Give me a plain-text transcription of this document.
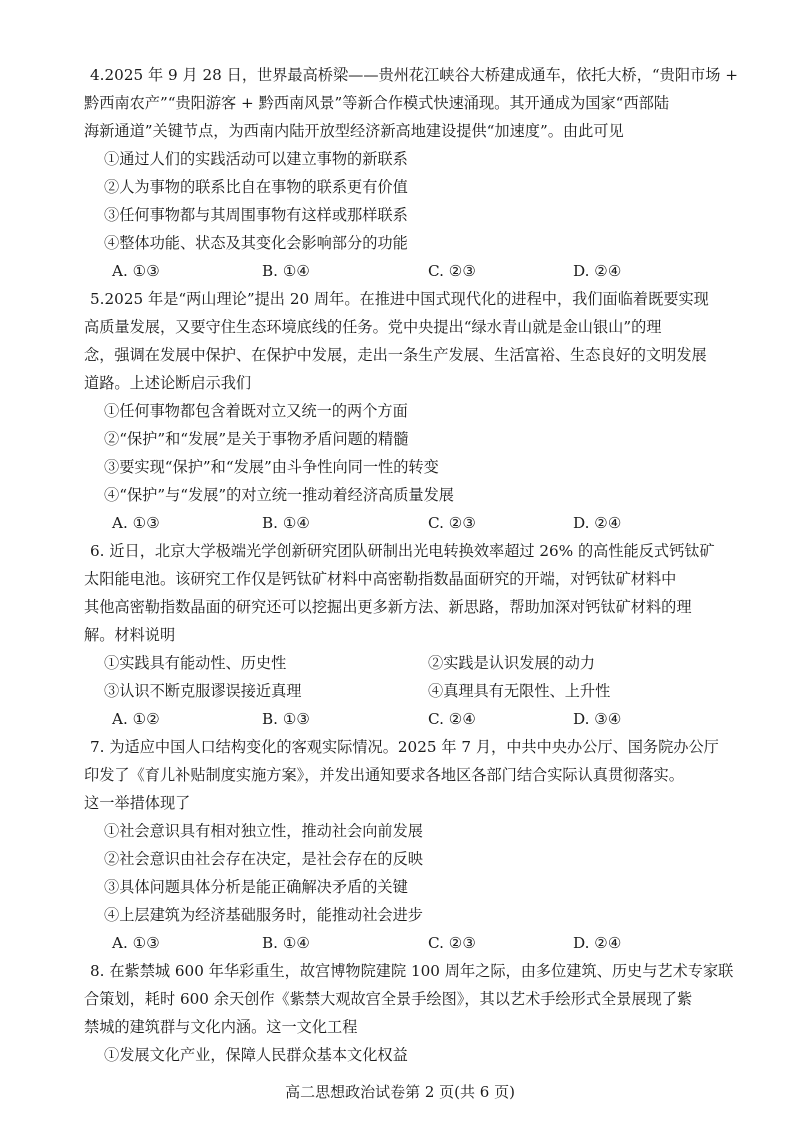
4.2025 年 9 月 28 日，世界最高桥梁——贵州花江峡谷大桥建成通车，依托大桥，“贵阳市场 +
黔西南农产”“贵阳游客 + 黔西南风景”等新合作模式快速涌现。其开通成为国家“西部陆
海新通道”关键节点，为西南内陆开放型经济新高地建设提供“加速度”。由此可见
①通过人们的实践活动可以建立事物的新联系
②人为事物的联系比自在事物的联系更有价值
③任何事物都与其周围事物有这样或那样联系
④整体功能、状态及其变化会影响部分的功能
A. ①③	B. ①④	C. ②③	D. ②④
5.2025 年是“两山理论”提出 20 周年。在推进中国式现代化的进程中，我们面临着既要实现
高质量发展，又要守住生态环境底线的任务。党中央提出“绿水青山就是金山银山”的理
念，强调在发展中保护、在保护中发展，走出一条生产发展、生活富裕、生态良好的文明发展
道路。上述论断启示我们
①任何事物都包含着既对立又统一的两个方面
②“保护”和“发展”是关于事物矛盾问题的精髓
③要实现“保护”和“发展”由斗争性向同一性的转变
④“保护”与“发展”的对立统一推动着经济高质量发展
A. ①③	B. ①④	C. ②③	D. ②④
6. 近日，北京大学极端光学创新研究团队研制出光电转换效率超过 26% 的高性能反式钙钛矿
太阳能电池。该研究工作仅是钙钛矿材料中高密勒指数晶面研究的开端，对钙钛矿材料中
其他高密勒指数晶面的研究还可以挖掘出更多新方法、新思路，帮助加深对钙钛矿材料的理
解。材料说明
①实践具有能动性、历史性	②实践是认识发展的动力
③认识不断克服谬误接近真理	④真理具有无限性、上升性
A. ①②	B. ①③	C. ②④	D. ③④
7. 为适应中国人口结构变化的客观实际情况。2025 年 7 月，中共中央办公厅、国务院办公厅
印发了《育儿补贴制度实施方案》，并发出通知要求各地区各部门结合实际认真贯彻落实。
这一举措体现了
①社会意识具有相对独立性，推动社会向前发展
②社会意识由社会存在决定，是社会存在的反映
③具体问题具体分析是能正确解决矛盾的关键
④上层建筑为经济基础服务时，能推动社会进步
A. ①③	B. ①④	C. ②③	D. ②④
8. 在紫禁城 600 年华彩重生，故宫博物院建院 100 周年之际，由多位建筑、历史与艺术专家联
合策划，耗时 600 余天创作《紫禁大观故宫全景手绘图》，其以艺术手绘形式全景展现了紫
禁城的建筑群与文化内涵。这一文化工程
①发展文化产业，保障人民群众基本文化权益
高二思想政治试卷第 2 页(共 6 页)
